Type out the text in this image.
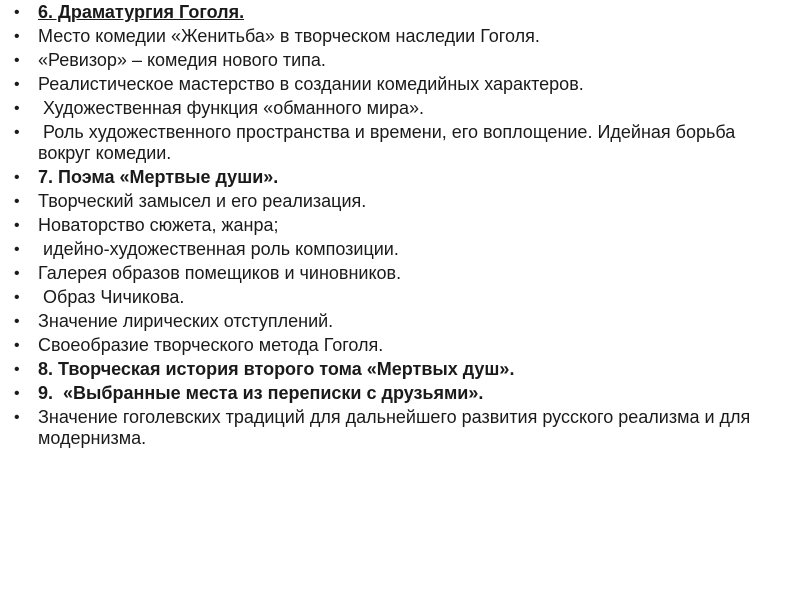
• 6. Драматургия Гоголя.
• Место комедии «Женитьба» в творческом наследии Гоголя.
• «Ревизор» – комедия нового типа.
• Реалистическое мастерство в создании комедийных характеров.
• Художественная функция «обманного мира».
• Роль художественного пространства и времени, его воплощение. Идейная борьба вокруг комедии.
• 7. Поэма «Мертвые души».
• Творческий замысел и его реализация.
• Новаторство сюжета, жанра;
• идейно-художественная роль композиции.
• Галерея образов помещиков и чиновников.
• Образ Чичикова.
• Значение лирических отступлений.
• Своеобразие творческого метода Гоголя.
• 8. Творческая история второго тома «Мертвых душ».
• 9.  «Выбранные места из переписки с друзьями».
• Значение гоголевских традиций для дальнейшего развития русского реализма и для модернизма.
